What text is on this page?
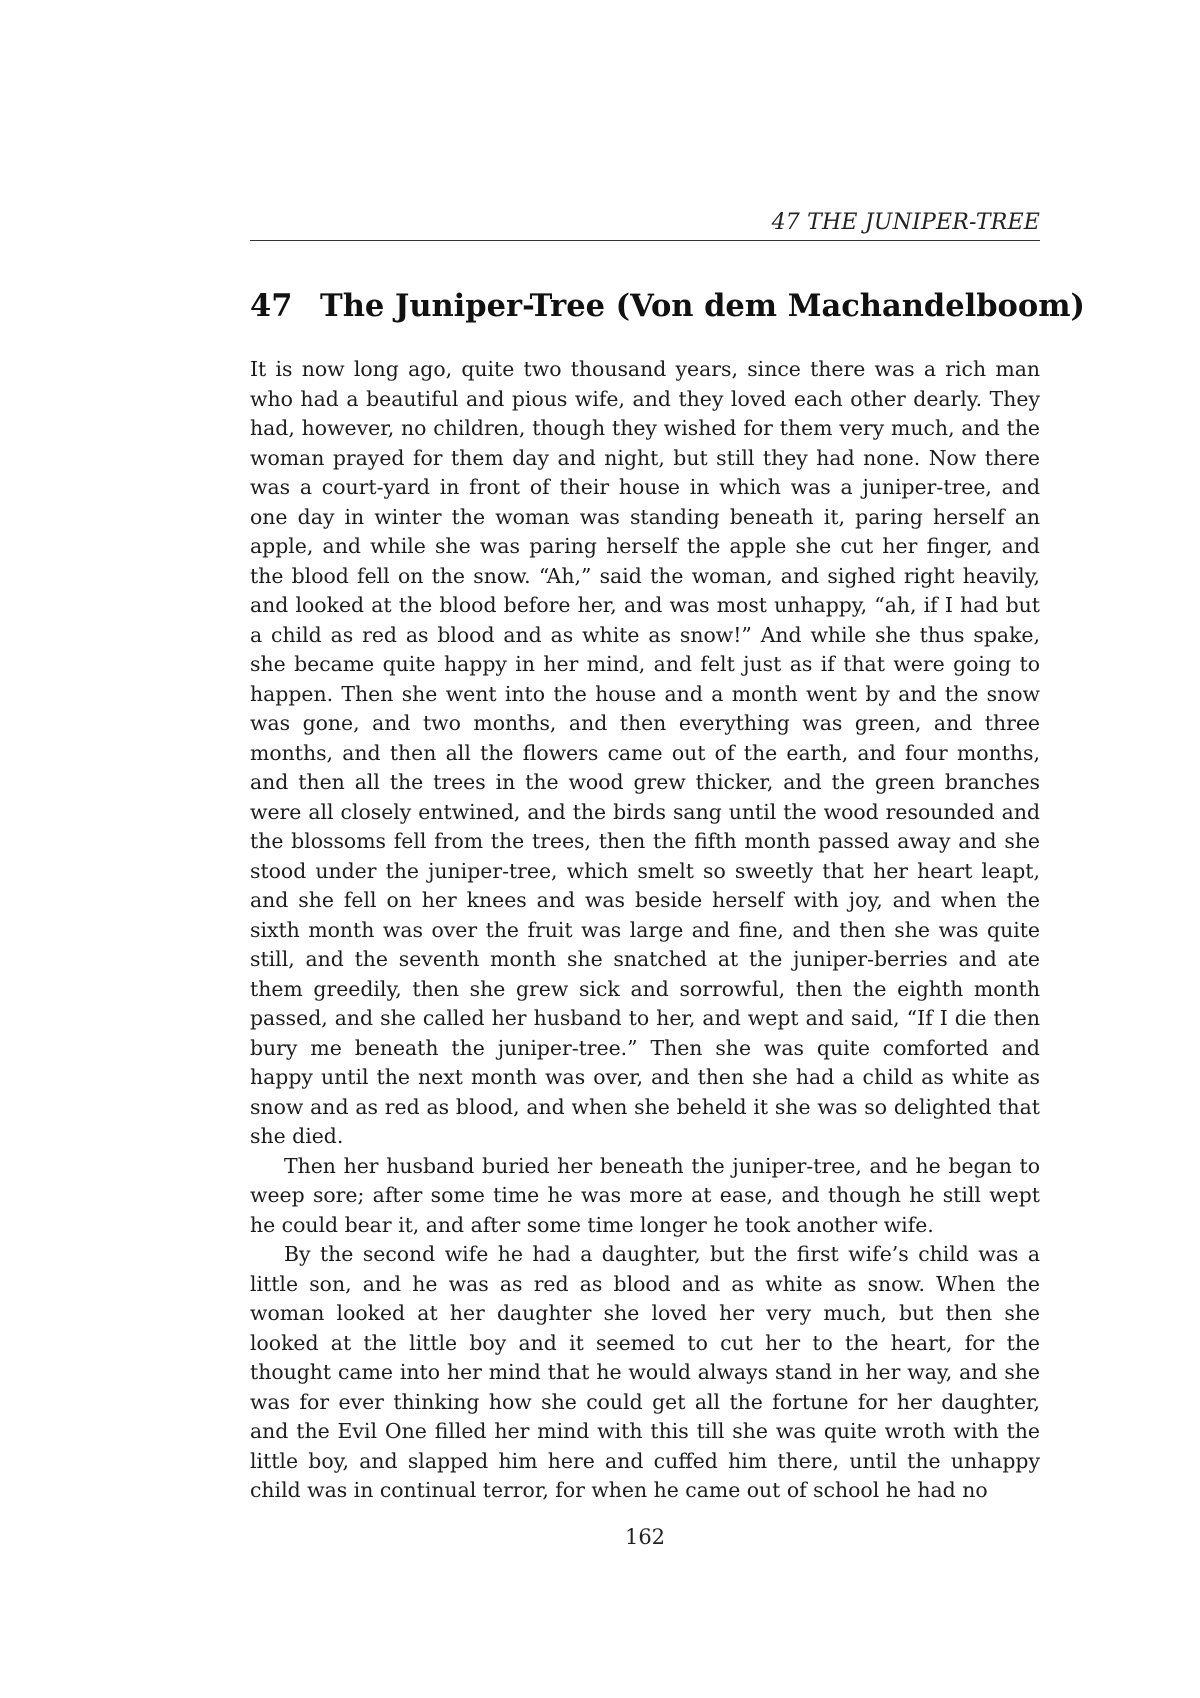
47 THE JUNIPER-TREE
47 The Juniper-Tree (Von dem Machandelboom)

It is now long ago, quite two thousand years, since there was a rich man who had a beautiful and pious wife, and they loved each other dearly. They had, however, no children, though they wished for them very much, and the woman prayed for them day and night, but still they had none. Now there was a court-yard in front of their house in which was a juniper-tree, and one day in winter the woman was standing beneath it, paring herself an apple, and while she was paring herself the apple she cut her finger, and the blood fell on the snow. “Ah,” said the woman, and sighed right heavily, and looked at the blood before her, and was most unhappy, “ah, if I had but a child as red as blood and as white as snow!” And while she thus spake, she became quite happy in her mind, and felt just as if that were going to happen. Then she went into the house and a month went by and the snow was gone, and two months, and then everything was green, and three months, and then all the flowers came out of the earth, and four months, and then all the trees in the wood grew thicker, and the green branches were all closely entwined, and the birds sang until the wood resounded and the blossoms fell from the trees, then the fifth month passed away and she stood under the juniper-tree, which smelt so sweetly that her heart leapt, and she fell on her knees and was beside herself with joy, and when the sixth month was over the fruit was large and fine, and then she was quite still, and the seventh month she snatched at the juniper-berries and ate them greedily, then she grew sick and sorrowful, then the eighth month passed, and she called her husband to her, and wept and said, “If I die then bury me beneath the juniper-tree.” Then she was quite comforted and happy until the next month was over, and then she had a child as white as snow and as red as blood, and when she beheld it she was so delighted that she died.

Then her husband buried her beneath the juniper-tree, and he began to weep sore; after some time he was more at ease, and though he still wept he could bear it, and after some time longer he took another wife.

By the second wife he had a daughter, but the first wife’s child was a little son, and he was as red as blood and as white as snow. When the woman looked at her daughter she loved her very much, but then she looked at the little boy and it seemed to cut her to the heart, for the thought came into her mind that he would always stand in her way, and she was for ever thinking how she could get all the fortune for her daughter, and the Evil One filled her mind with this till she was quite wroth with the little boy, and slapped him here and cuffed him there, until the unhappy child was in continual terror, for when he came out of school he had no

162
